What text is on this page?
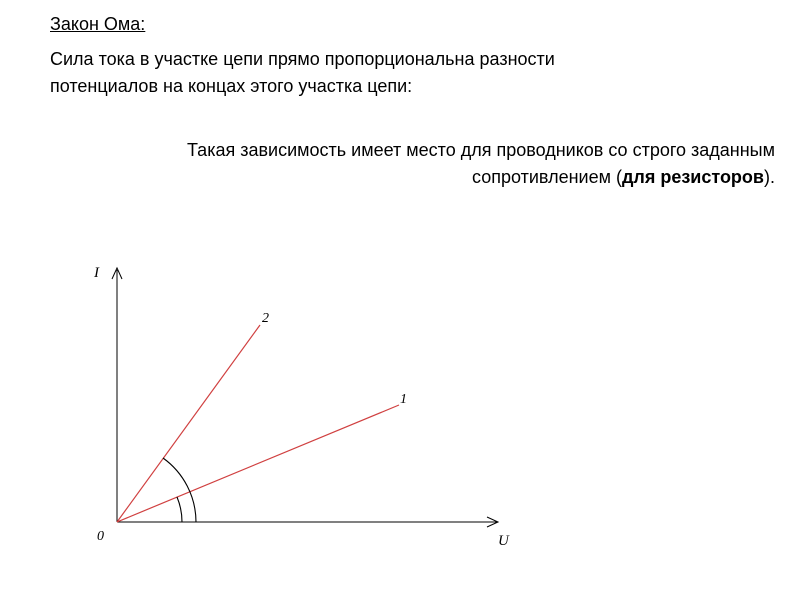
Закон Ома:

Сила тока в участке цепи прямо пропорциональна разности
потенциалов на концах этого участка цепи:

Такая зависимость имеет место для проводников со строго заданным
сопротивлением (для резисторов).

I
U
0
1
2
